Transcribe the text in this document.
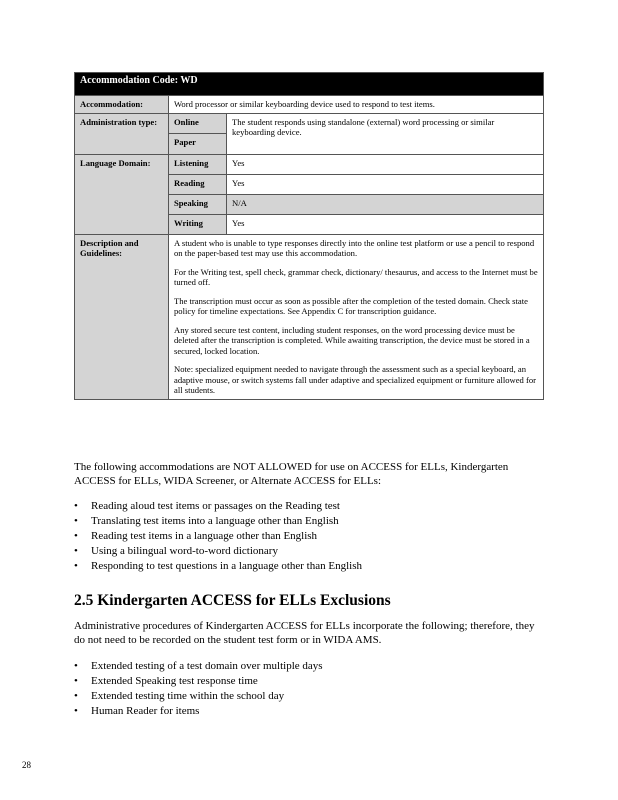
Accommodation Code: WD		
Accommodation:	Word processor or similar keyboarding device used to respond to test items.	
Administration type:	Online	The student responds using standalone (external) word processing or similar keyboarding device.
	Paper	
Language Domain:	Listening	Yes
	Reading	Yes
	Speaking	N/A
	Writing	Yes
Description and Guidelines:	A student who is unable to type responses directly into the online test platform or use a pencil to respond on the paper-based test may use this accommodation.

For the Writing test, spell check, grammar check, dictionary/ thesaurus, and access to the Internet must be turned off.

The transcription must occur as soon as possible after the completion of the tested domain. Check state policy for timeline expectations. See Appendix C for transcription guidance.

Any stored secure test content, including student responses, on the word processing device must be deleted after the transcription is completed. While awaiting transcription, the device must be stored in a secured, locked location.

Note: specialized equipment needed to navigate through the assessment such as a special keyboard, an adaptive mouse, or switch systems fall under adaptive and specialized equipment or furniture allowed for all students.	

The following accommodations are NOT ALLOWED for use on ACCESS for ELLs, Kindergarten ACCESS for ELLs, WIDA Screener, or Alternate ACCESS for ELLs:
• Reading aloud test items or passages on the Reading test
• Translating test items into a language other than English
• Reading test items in a language other than English
• Using a bilingual word-to-word dictionary
• Responding to test questions in a language other than English
2.5 Kindergarten ACCESS for ELLs Exclusions
Administrative procedures of Kindergarten ACCESS for ELLs incorporate the following; therefore, they do not need to be recorded on the student test form or in WIDA AMS.
• Extended testing of a test domain over multiple days
• Extended Speaking test response time
• Extended testing time within the school day
• Human Reader for items
28
